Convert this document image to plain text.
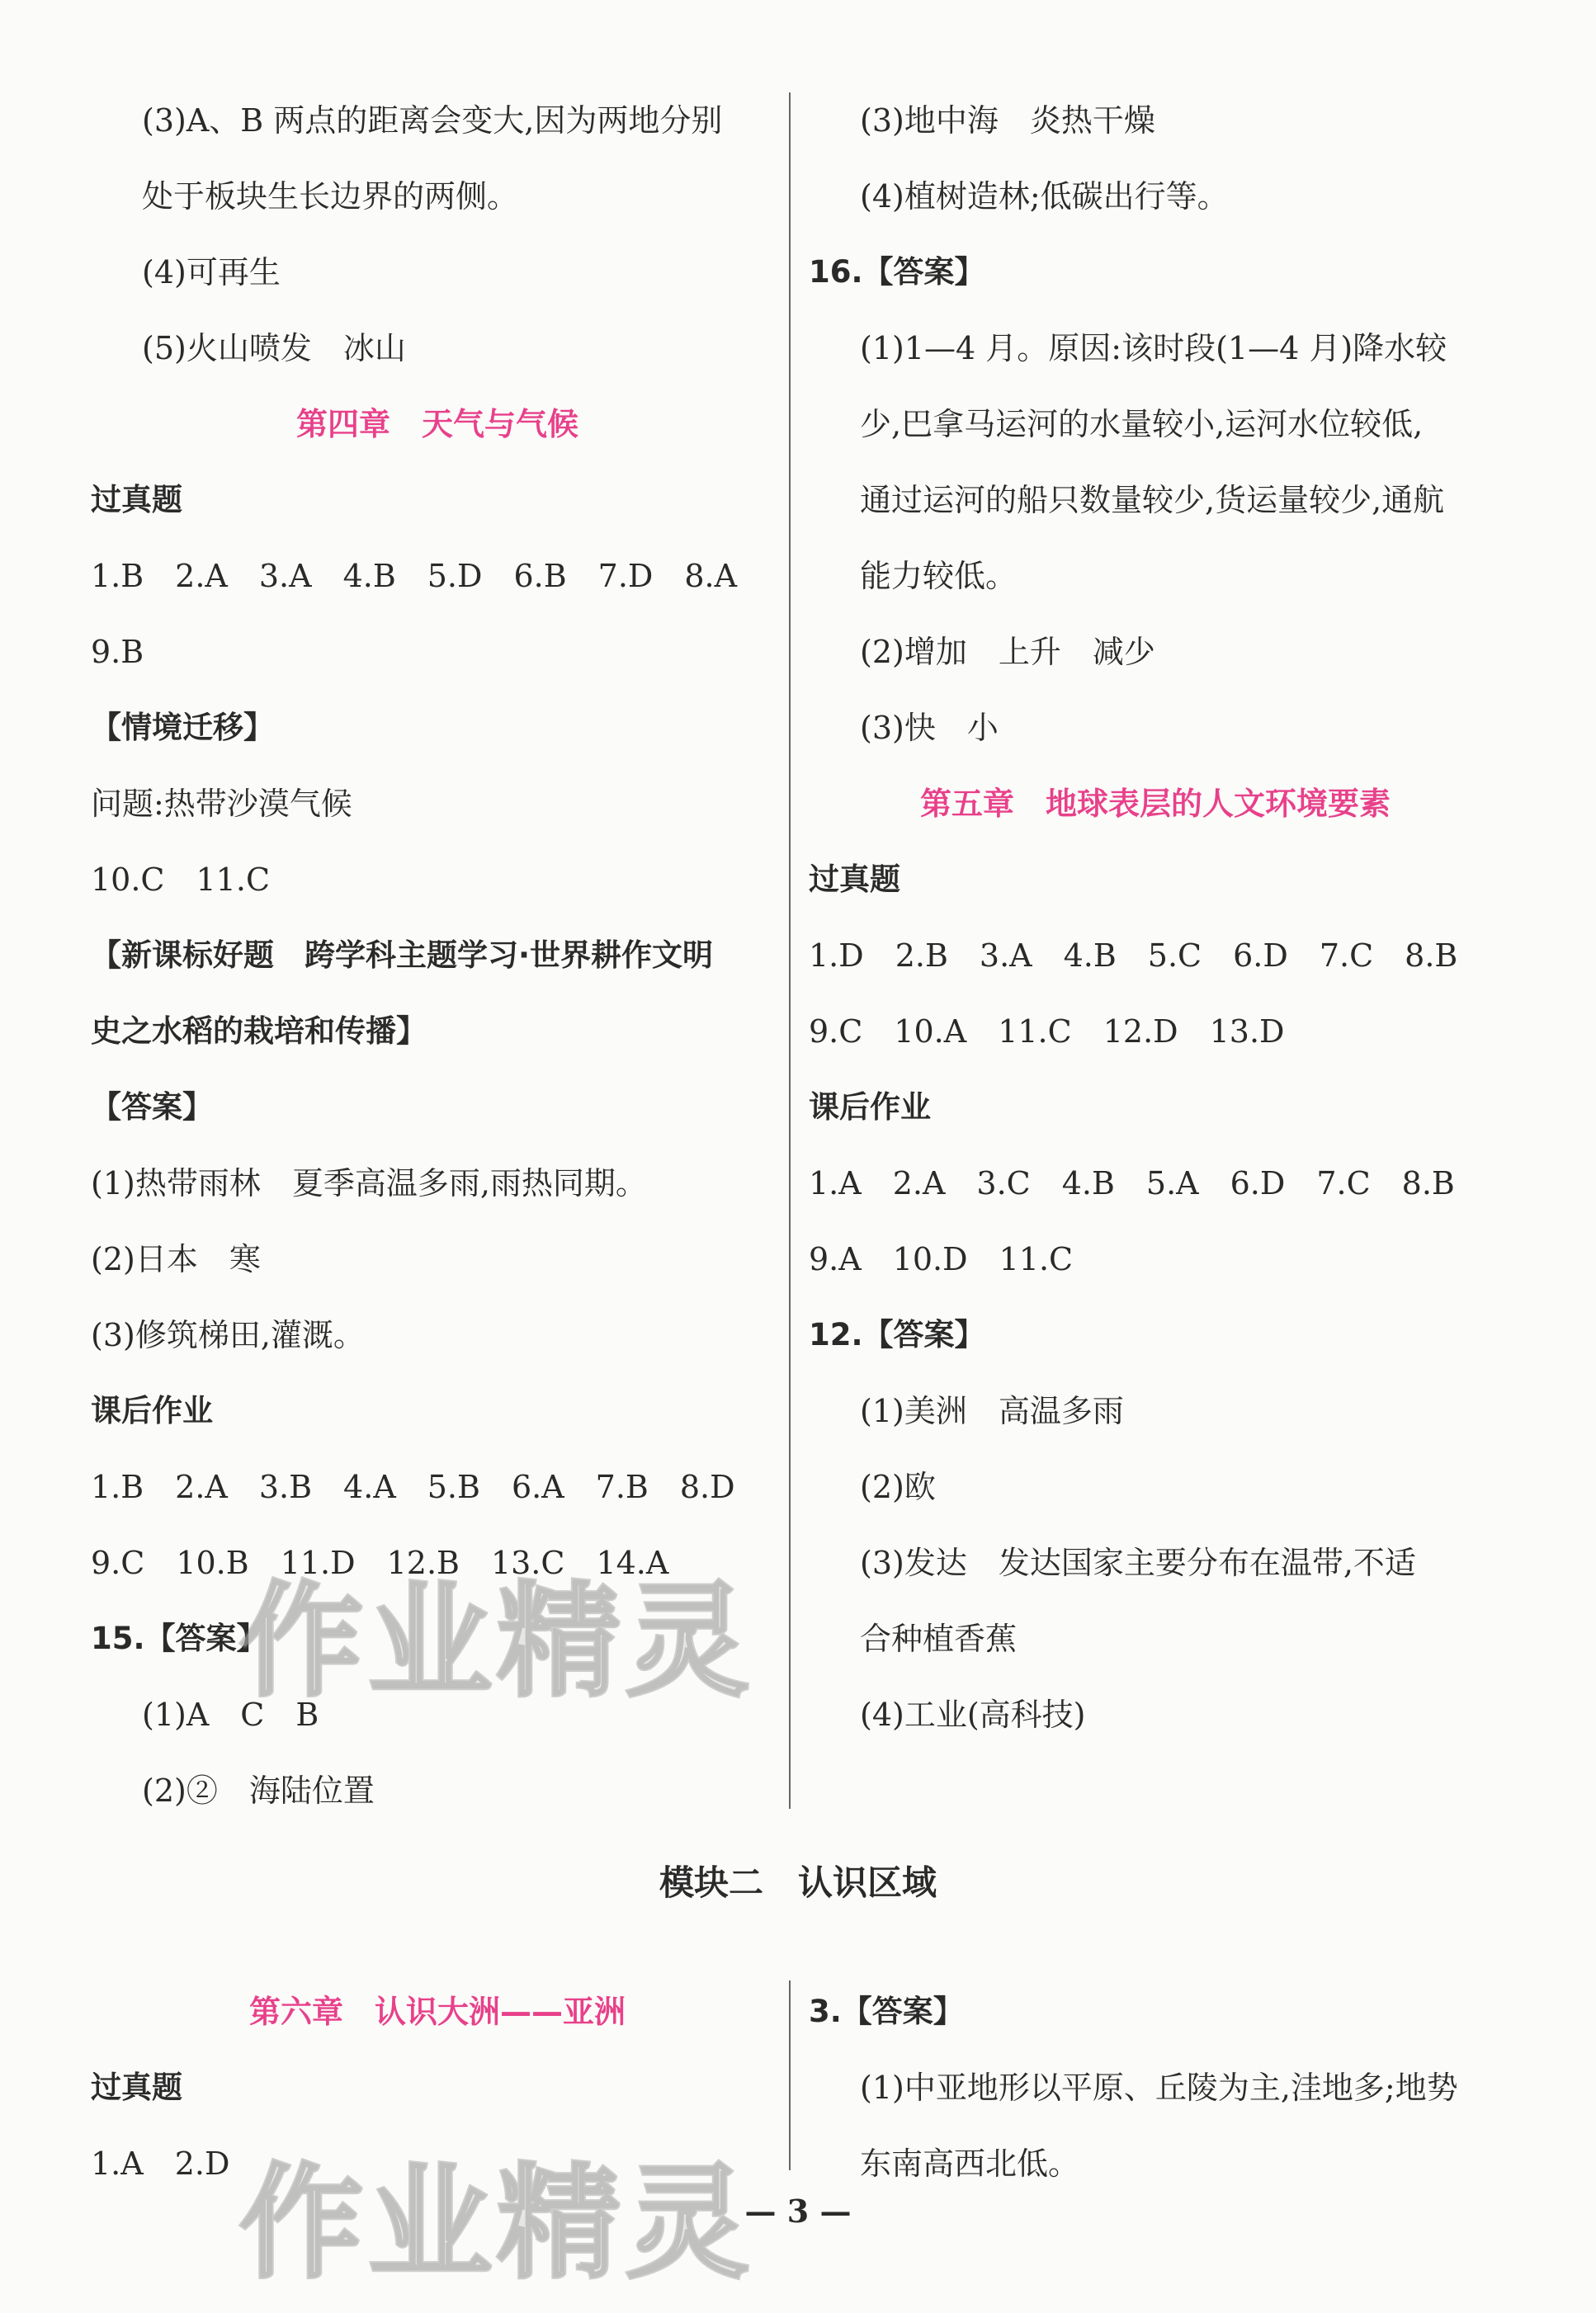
(3)A、B 两点的距离会变大,因为两地分别
处于板块生长边界的两侧。
(4)可再生
(5)火山喷发　冰山
第四章　天气与气候
过真题
1.B　2.A　3.A　4.B　5.D　6.B　7.D　8.A
9.B
【情境迁移】
问题:热带沙漠气候
10.C　11.C
【新课标好题　跨学科主题学习·世界耕作文明
史之水稻的栽培和传播】
【答案】
(1)热带雨林　夏季高温多雨,雨热同期。
(2)日本　寒
(3)修筑梯田,灌溉。
课后作业
1.B　2.A　3.B　4.A　5.B　6.A　7.B　8.D
9.C　10.B　11.D　12.B　13.C　14.A
15.【答案】
(1)A　C　B
(2)②　海陆位置
(3)地中海　炎热干燥
(4)植树造林;低碳出行等。
16.【答案】
(1)1—4 月。原因:该时段(1—4 月)降水较
少,巴拿马运河的水量较小,运河水位较低,
通过运河的船只数量较少,货运量较少,通航
能力较低。
(2)增加　上升　减少
(3)快　小
第五章　地球表层的人文环境要素
过真题
1.D　2.B　3.A　4.B　5.C　6.D　7.C　8.B
9.C　10.A　11.C　12.D　13.D
课后作业
1.A　2.A　3.C　4.B　5.A　6.D　7.C　8.B
9.A　10.D　11.C
12.【答案】
(1)美洲　高温多雨
(2)欧
(3)发达　发达国家主要分布在温带,不适
合种植香蕉
(4)工业(高科技)
模块二　认识区域
第六章　认识大洲——亚洲
过真题
1.A　2.D
3.【答案】
(1)中亚地形以平原、丘陵为主,洼地多;地势
东南高西北低。
— 3 —
作业精灵
作业精灵
